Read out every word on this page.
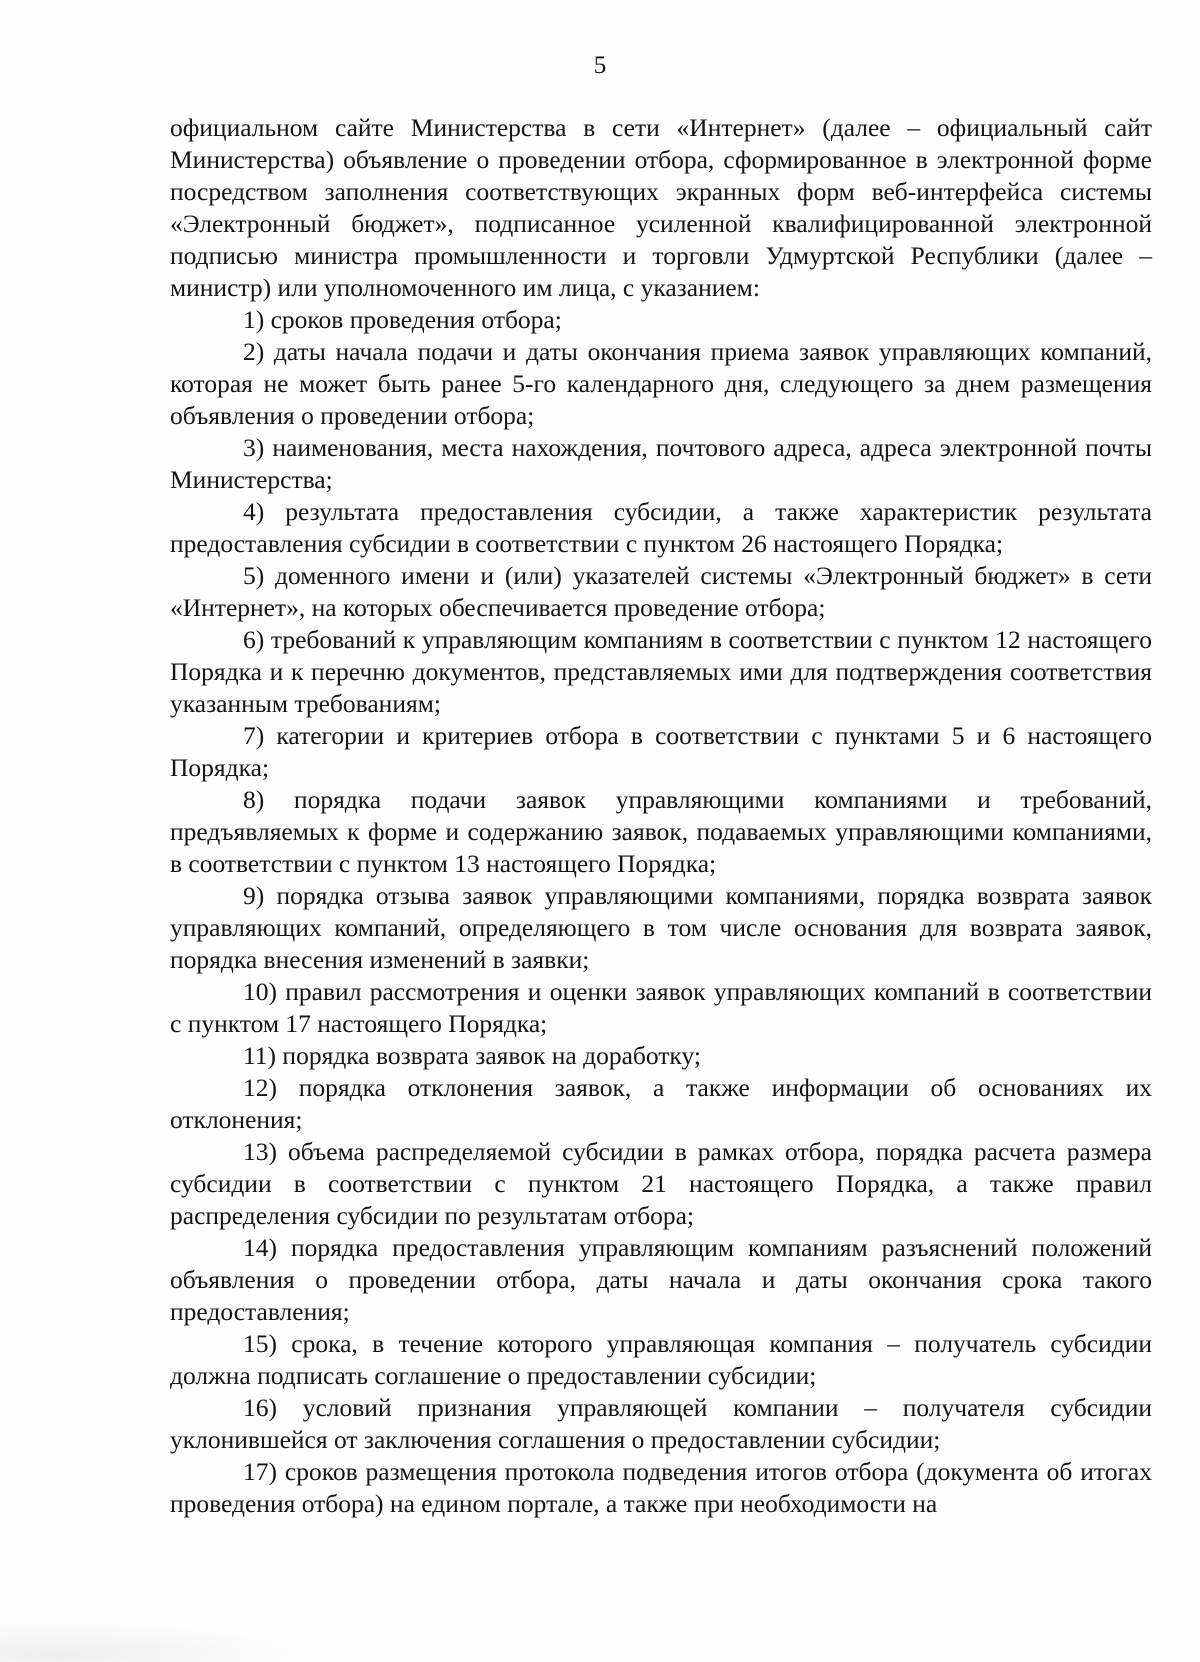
5

официальном сайте Министерства в сети «Интернет» (далее – официальный сайт Министерства) объявление о проведении отбора, сформированное в электронной форме посредством заполнения соответствующих экранных форм веб-интерфейса системы «Электронный бюджет», подписанное усиленной квалифицированной электронной подписью министра промышленности и торговли Удмуртской Республики (далее – министр) или уполномоченного им лица, с указанием:

1) сроков проведения отбора;

2) даты начала подачи и даты окончания приема заявок управляющих компаний, которая не может быть ранее 5-го календарного дня, следующего за днем размещения объявления о проведении отбора;

3) наименования, места нахождения, почтового адреса, адреса электронной почты Министерства;

4) результата предоставления субсидии, а также характеристик результата предоставления субсидии в соответствии с пунктом 26 настоящего Порядка;

5) доменного имени и (или) указателей системы «Электронный бюджет» в сети «Интернет», на которых обеспечивается проведение отбора;

6) требований к управляющим компаниям в соответствии с пунктом 12 настоящего Порядка и к перечню документов, представляемых ими для подтверждения соответствия указанным требованиям;

7) категории и критериев отбора в соответствии с пунктами 5 и 6 настоящего Порядка;

8) порядка подачи заявок управляющими компаниями и требований, предъявляемых к форме и содержанию заявок, подаваемых управляющими компаниями, в соответствии с пунктом 13 настоящего Порядка;

9) порядка отзыва заявок управляющими компаниями, порядка возврата заявок управляющих компаний, определяющего в том числе основания для возврата заявок, порядка внесения изменений в заявки;

10) правил рассмотрения и оценки заявок управляющих компаний в соответствии с пунктом 17 настоящего Порядка;

11) порядка возврата заявок на доработку;

12) порядка отклонения заявок, а также информации об основаниях их отклонения;

13) объема распределяемой субсидии в рамках отбора, порядка расчета размера субсидии в соответствии с пунктом 21 настоящего Порядка, а также правил распределения субсидии по результатам отбора;

14) порядка предоставления управляющим компаниям разъяснений положений объявления о проведении отбора, даты начала и даты окончания срока такого предоставления;

15) срока, в течение которого управляющая компания – получатель субсидии должна подписать соглашение о предоставлении субсидии;

16) условий признания управляющей компании – получателя субсидии уклонившейся от заключения соглашения о предоставлении субсидии;

17) сроков размещения протокола подведения итогов отбора (документа об итогах проведения отбора) на едином портале, а также при необходимости на
